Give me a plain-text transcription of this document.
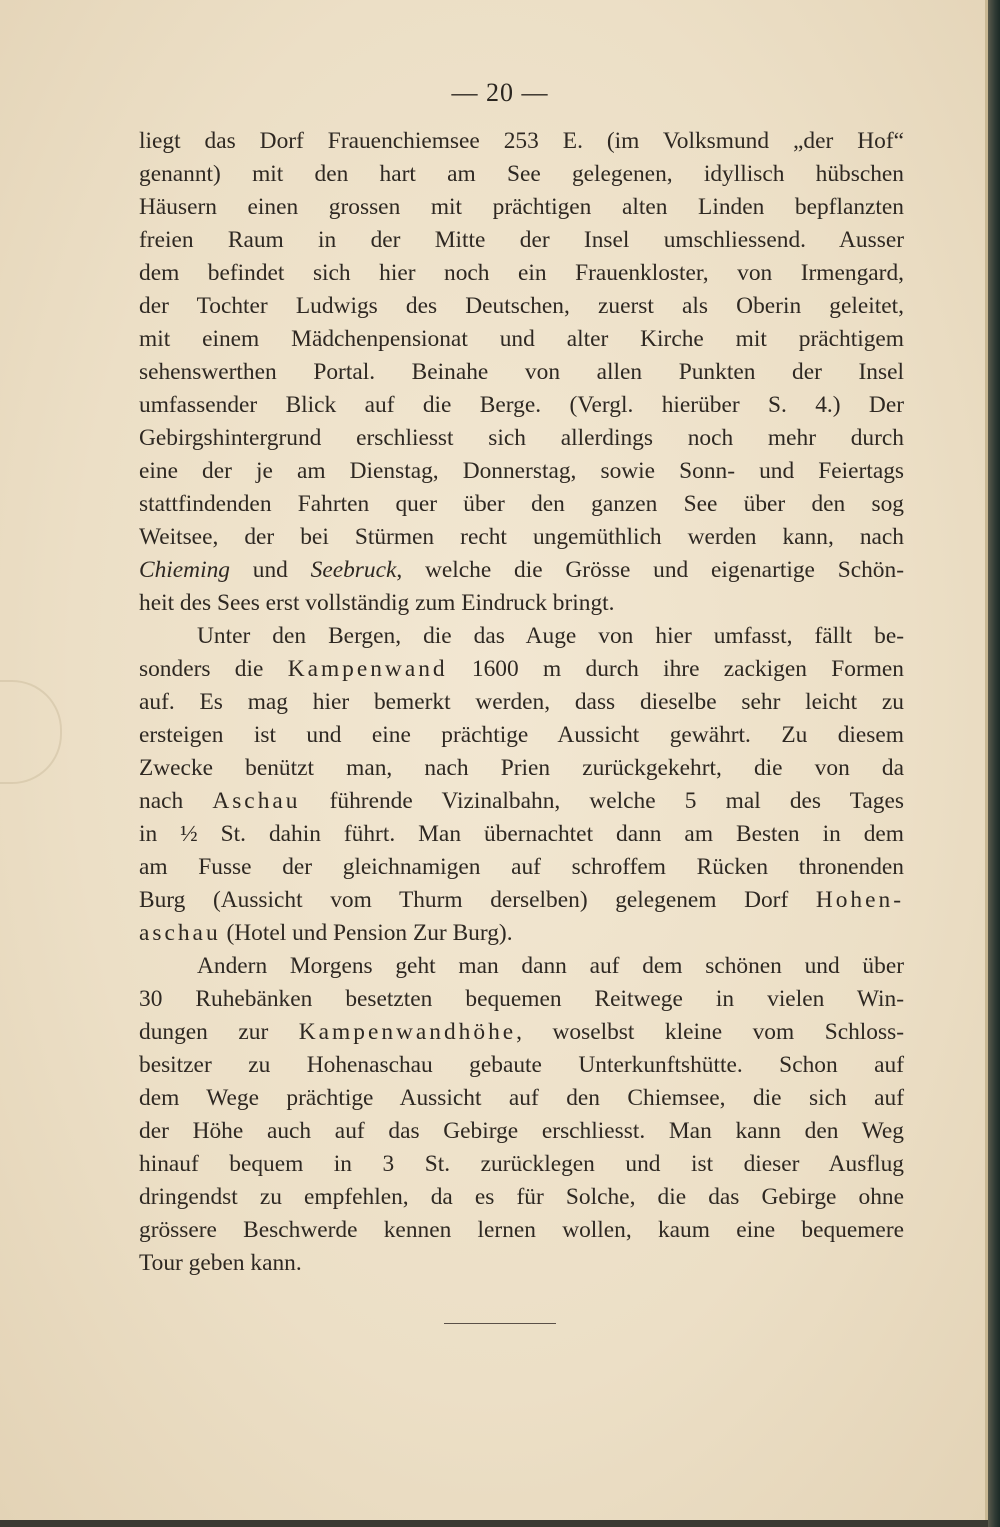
— 20 —
liegt das Dorf Frauenchiemsee 253 E. (im Volksmund „der Hof“
genannt) mit den hart am See gelegenen, idyllisch hübschen
Häusern einen grossen mit prächtigen alten Linden bepflanzten
freien Raum in der Mitte der Insel umschliessend. Ausser
dem befindet sich hier noch ein Frauenkloster, von Irmengard,
der Tochter Ludwigs des Deutschen, zuerst als Oberin geleitet,
mit einem Mädchenpensionat und alter Kirche mit prächtigem
sehenswerthen Portal. Beinahe von allen Punkten der Insel
umfassender Blick auf die Berge. (Vergl. hierüber S. 4.) Der
Gebirgshintergrund erschliesst sich allerdings noch mehr durch
eine der je am Dienstag, Donnerstag, sowie Sonn- und Feiertags
stattfindenden Fahrten quer über den ganzen See über den sog
Weitsee, der bei Stürmen recht ungemüthlich werden kann, nach
Chieming und Seebruck, welche die Grösse und eigenartige Schön-
heit des Sees erst vollständig zum Eindruck bringt.
Unter den Bergen, die das Auge von hier umfasst, fällt be-
sonders die Kampenwand 1600 m durch ihre zackigen Formen
auf. Es mag hier bemerkt werden, dass dieselbe sehr leicht zu
ersteigen ist und eine prächtige Aussicht gewährt. Zu diesem
Zwecke benützt man, nach Prien zurückgekehrt, die von da
nach Aschau führende Vizinalbahn, welche 5 mal des Tages
in ½ St. dahin führt. Man übernachtet dann am Besten in dem
am Fusse der gleichnamigen auf schroffem Rücken thronenden
Burg (Aussicht vom Thurm derselben) gelegenem Dorf Hohen-
aschau (Hotel und Pension Zur Burg).
Andern Morgens geht man dann auf dem schönen und über
30 Ruhebänken besetzten bequemen Reitwege in vielen Win-
dungen zur Kampenwandhöhe, woselbst kleine vom Schloss-
besitzer zu Hohenaschau gebaute Unterkunftshütte. Schon auf
dem Wege prächtige Aussicht auf den Chiemsee, die sich auf
der Höhe auch auf das Gebirge erschliesst. Man kann den Weg
hinauf bequem in 3 St. zurücklegen und ist dieser Ausflug
dringendst zu empfehlen, da es für Solche, die das Gebirge ohne
grössere Beschwerde kennen lernen wollen, kaum eine bequemere
Tour geben kann.
